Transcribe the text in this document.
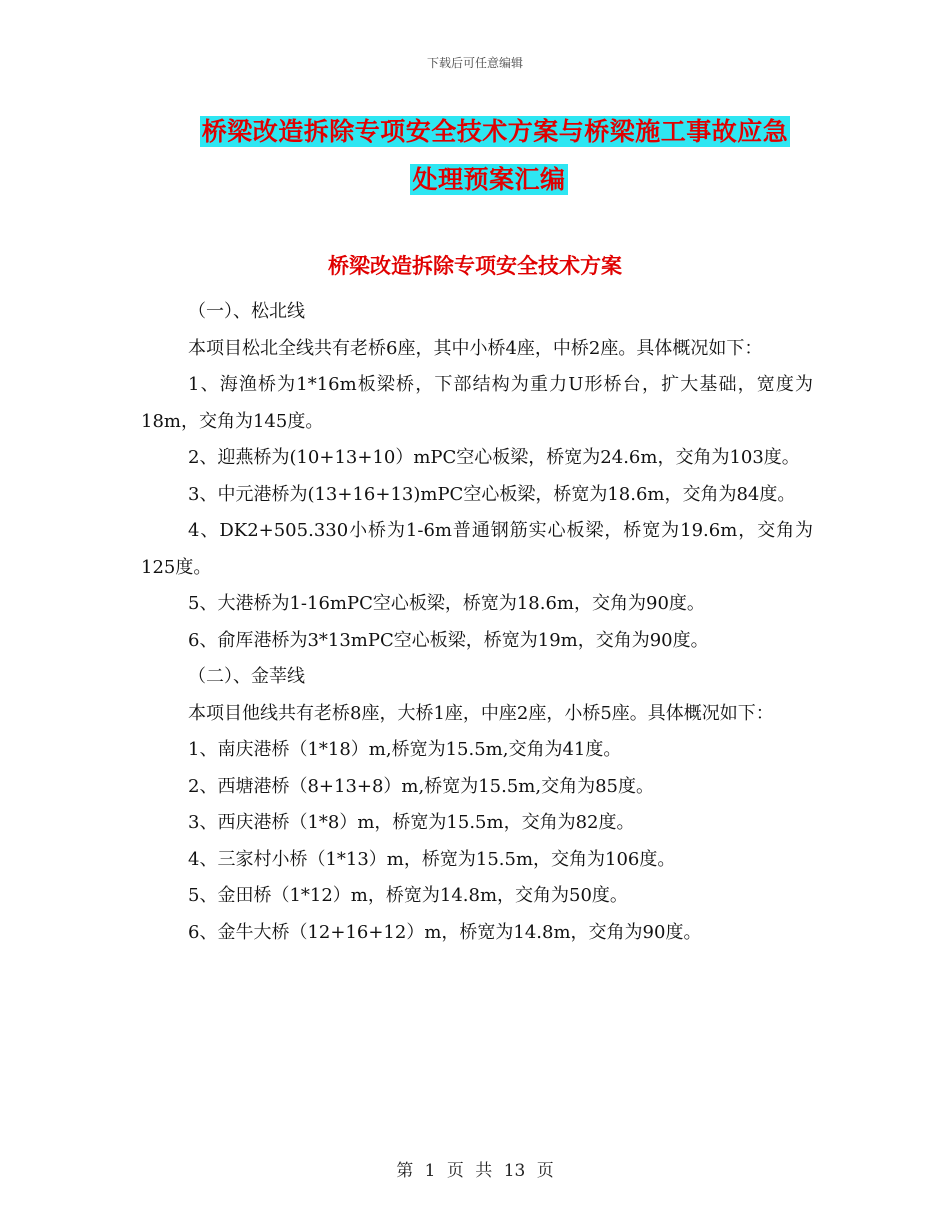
下载后可任意编辑
桥梁改造拆除专项安全技术方案与桥梁施工事故应急
处理预案汇编
桥梁改造拆除专项安全技术方案

（一）、松北线

本项目松北全线共有老桥6座，其中小桥4座，中桥2座。具体概况如下：

1、海渔桥为1*16m板梁桥，下部结构为重力U形桥台，扩大基础，宽度为18m，交角为145度。

2、迎燕桥为(10+13+10）mPC空心板梁，桥宽为24.6m，交角为103度。

3、中元港桥为(13+16+13)mPC空心板梁，桥宽为18.6m，交角为84度。

4、DK2+505.330小桥为1-6m普通钢筋实心板梁，桥宽为19.6m，交角为125度。

5、大港桥为1-16mPC空心板梁，桥宽为18.6m，交角为90度。

6、俞厍港桥为3*13mPC空心板梁，桥宽为19m，交角为90度。

（二）、金莘线

本项目他线共有老桥8座，大桥1座，中座2座，小桥5座。具体概况如下：

1、南庆港桥（1*18）m,桥宽为15.5m,交角为41度。

2、西塘港桥（8+13+8）m,桥宽为15.5m,交角为85度。

3、西庆港桥（1*8）m，桥宽为15.5m，交角为82度。

4、三家村小桥（1*13）m，桥宽为15.5m，交角为106度。

5、金田桥（1*12）m，桥宽为14.8m，交角为50度。

6、金牛大桥（12+16+12）m，桥宽为14.8m，交角为90度。

第 1 页 共 13 页
